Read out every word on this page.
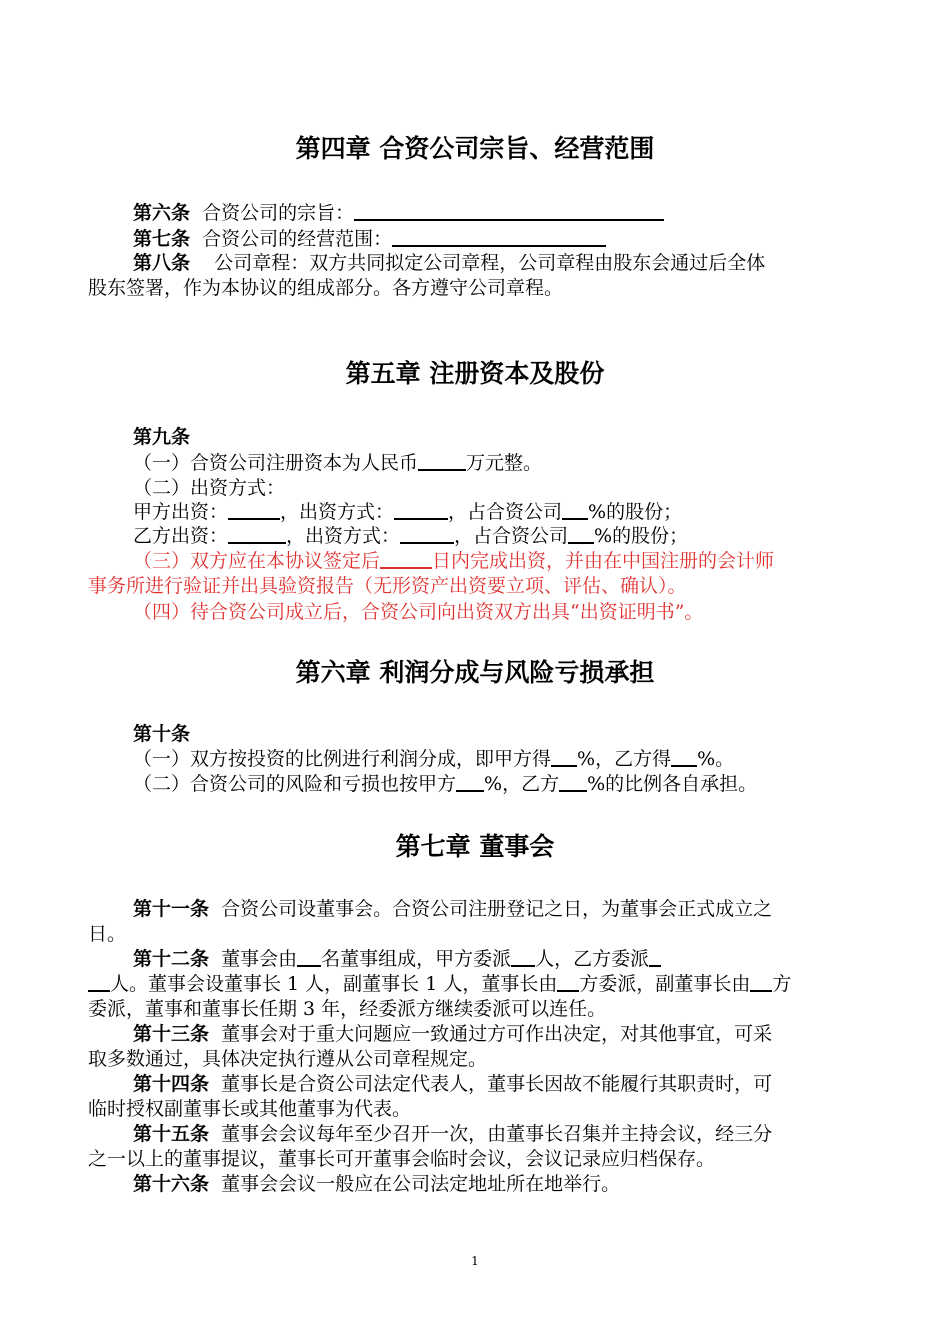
第四章 合资公司宗旨、经营范围
第六条 合资公司的宗旨：
第七条 合资公司的经营范围：
第八条 公司章程：双方共同拟定公司章程，公司章程由股东会通过后全体
股东签署，作为本协议的组成部分。各方遵守公司章程。
第五章 注册资本及股份
第九条
（一）合资公司注册资本为人民币	万元整。
（二）出资方式：
甲方出资：	，出资方式：	，占合资公司 %的股份；
乙方出资：	，出资方式：	，占合资公司 %的股份；
（三）双方应在本协议签定后	日内完成出资，并由在中国注册的会计师
事务所进行验证并出具验资报告（无形资产出资要立项、评估、确认）。
（四）待合资公司成立后，合资公司向出资双方出具“出资证明书”。
第六章 利润分成与风险亏损承担
第十条
（一）双方按投资的比例进行利润分成，即甲方得 %，乙方得 %。
（二）合资公司的风险和亏损也按甲方 %，乙方 %的比例各自承担。
第七章 董事会
第十一条 合资公司设董事会。合资公司注册登记之日，为董事会正式成立之
日。
第十二条 董事会由 名董事组成，甲方委派 人，乙方委派
人。董事会设董事长 1 人，副董事长 1 人，董事长由 方委派，副董事长由 方
委派，董事和董事长任期 3 年，经委派方继续委派可以连任。
第十三条 董事会对于重大问题应一致通过方可作出决定，对其他事宜，可采
取多数通过，具体决定执行遵从公司章程规定。
第十四条 董事长是合资公司法定代表人，董事长因故不能履行其职责时，可
临时授权副董事长或其他董事为代表。
第十五条 董事会会议每年至少召开一次，由董事长召集并主持会议，经三分
之一以上的董事提议，董事长可开董事会临时会议，会议记录应归档保存。
第十六条 董事会会议一般应在公司法定地址所在地举行。
1
